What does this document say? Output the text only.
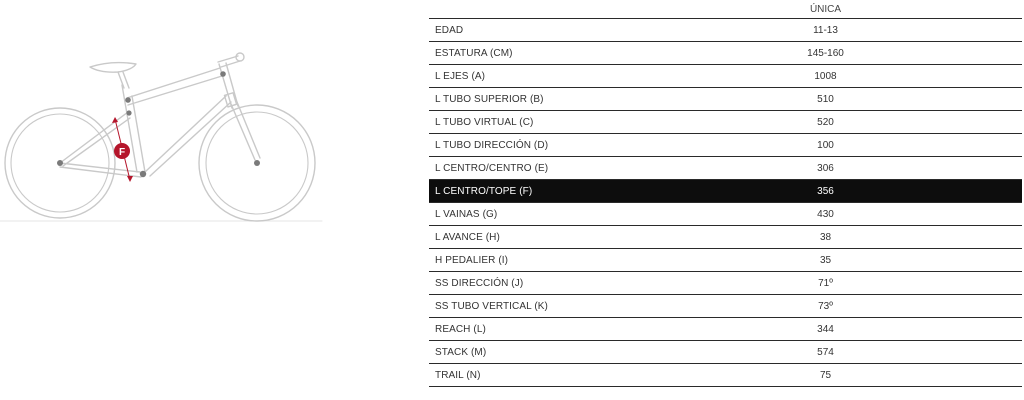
F
	ÚNICA
EDAD	11-13
ESTATURA (CM)	145-160
L EJES (A)	1008
L TUBO SUPERIOR (B)	510
L TUBO VIRTUAL (C)	520
L TUBO DIRECCIÓN (D)	100
L CENTRO/CENTRO (E)	306
L CENTRO/TOPE (F)	356
L VAINAS (G)	430
L AVANCE (H)	38
H PEDALIER (I)	35
SS DIRECCIÓN (J)	71º
SS TUBO VERTICAL (K)	73º
REACH (L)	344
STACK (M)	574
TRAIL (N)	75
